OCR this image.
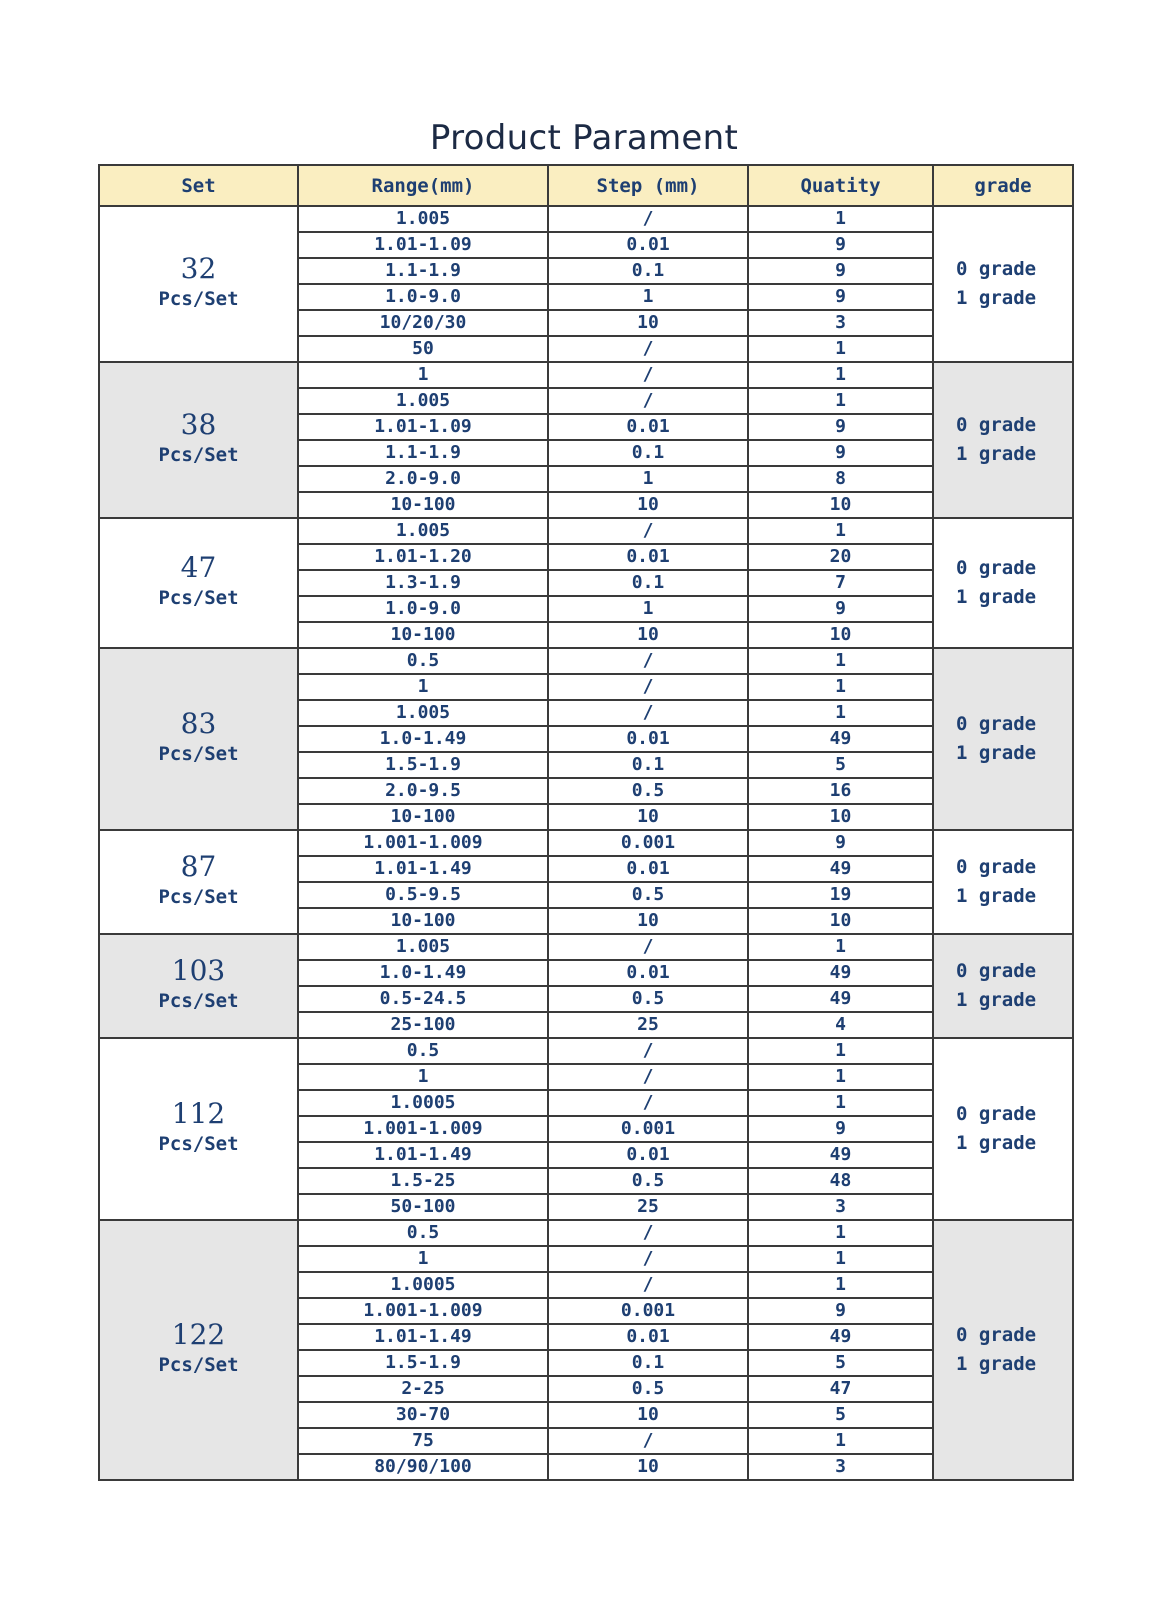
Product Parament
Set	Range(mm)	Step (mm)	Quatity	grade

32
Pcs/Set	1.005	/	1	0 grade
1 grade

	1.01-1.09	0.01	9	
	1.1-1.9	0.1	9	
	1.0-9.0	1	9	
	10/20/30	10	3	
	50	/	1	

38
Pcs/Set	1	/	1	0 grade
1 grade

	1.005	/	1	
	1.01-1.09	0.01	9	
	1.1-1.9	0.1	9	
	2.0-9.0	1	8	
	10-100	10	10	

47
Pcs/Set	1.005	/	1	0 grade
1 grade

	1.01-1.20	0.01	20	
	1.3-1.9	0.1	7	
	1.0-9.0	1	9	
	10-100	10	10	

83
Pcs/Set	0.5	/	1	0 grade
1 grade

	1	/	1	
	1.005	/	1	
	1.0-1.49	0.01	49	
	1.5-1.9	0.1	5	
	2.0-9.5	0.5	16	
	10-100	10	10	

87
Pcs/Set	1.001-1.009	0.001	9	0 grade
1 grade

	1.01-1.49	0.01	49	
	0.5-9.5	0.5	19	
	10-100	10	10	

103
Pcs/Set	1.005	/	1	0 grade
1 grade

	1.0-1.49	0.01	49	
	0.5-24.5	0.5	49	
	25-100	25	4	

112
Pcs/Set	0.5	/	1	0 grade
1 grade

	1	/	1	
	1.0005	/	1	
	1.001-1.009	0.001	9	
	1.01-1.49	0.01	49	
	1.5-25	0.5	48	
	50-100	25	3	

122
Pcs/Set	0.5	/	1	0 grade
1 grade

	1	/	1	
	1.0005	/	1	
	1.001-1.009	0.001	9	
	1.01-1.49	0.01	49	
	1.5-1.9	0.1	5	
	2-25	0.5	47	
	30-70	10	5	
	75	/	1	
	80/90/100	10	3	
